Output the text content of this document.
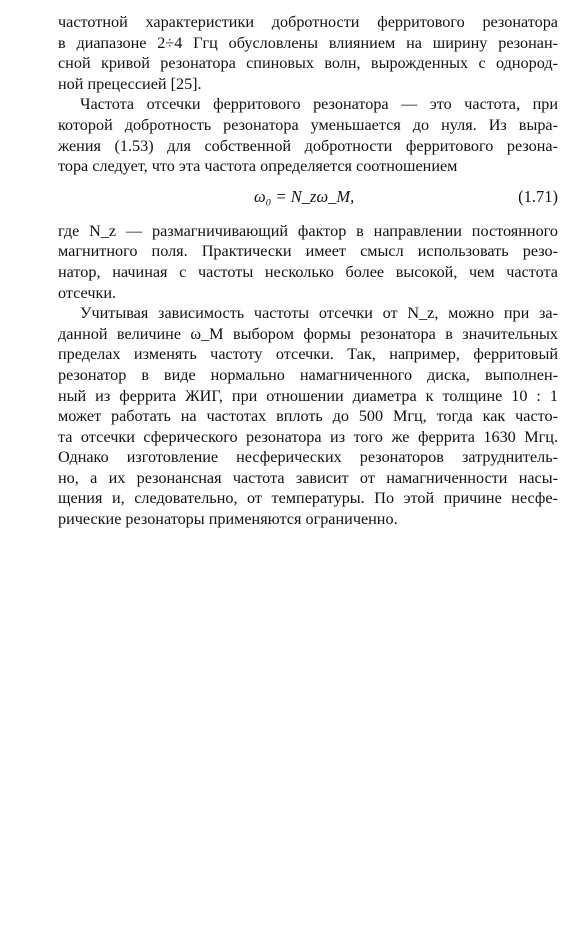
частотной характеристики добротности ферритового резонатора
в диапазоне 2÷4 Ггц обусловлены влиянием на ширину резонан-
сной кривой резонатора спиновых волн, вырожденных с однород-
ной прецессией [25].
Частота отсечки ферритового резонатора — это частота, при
которой добротность резонатора уменьшается до нуля. Из выра-
жения (1.53) для собственной добротности ферритового резона-
тора следует, что эта частота определяется соотношением
ω₀ = N_zω_M,	(1.71)
где N_z — размагничивающий фактор в направлении постоянного
магнитного поля. Практически имеет смысл использовать резо-
натор, начиная с частоты несколько более высокой, чем частота
отсечки.
Учитывая зависимость частоты отсечки от N_z, можно при за-
данной величине ω_M выбором формы резонатора в значительных
пределах изменять частоту отсечки. Так, например, ферритовый
резонатор в виде нормально намагниченного диска, выполнен-
ный из феррита ЖИГ, при отношении диаметра к толщине 10 : 1
может работать на частотах вплоть до 500 Мгц, тогда как часто-
та отсечки сферического резонатора из того же феррита 1630 Мгц.
Однако изготовление несферических резонаторов затруднитель-
но, а их резонансная частота зависит от намагниченности насы-
щения и, следовательно, от температуры. По этой причине несфе-
рические резонаторы применяются ограниченно.
